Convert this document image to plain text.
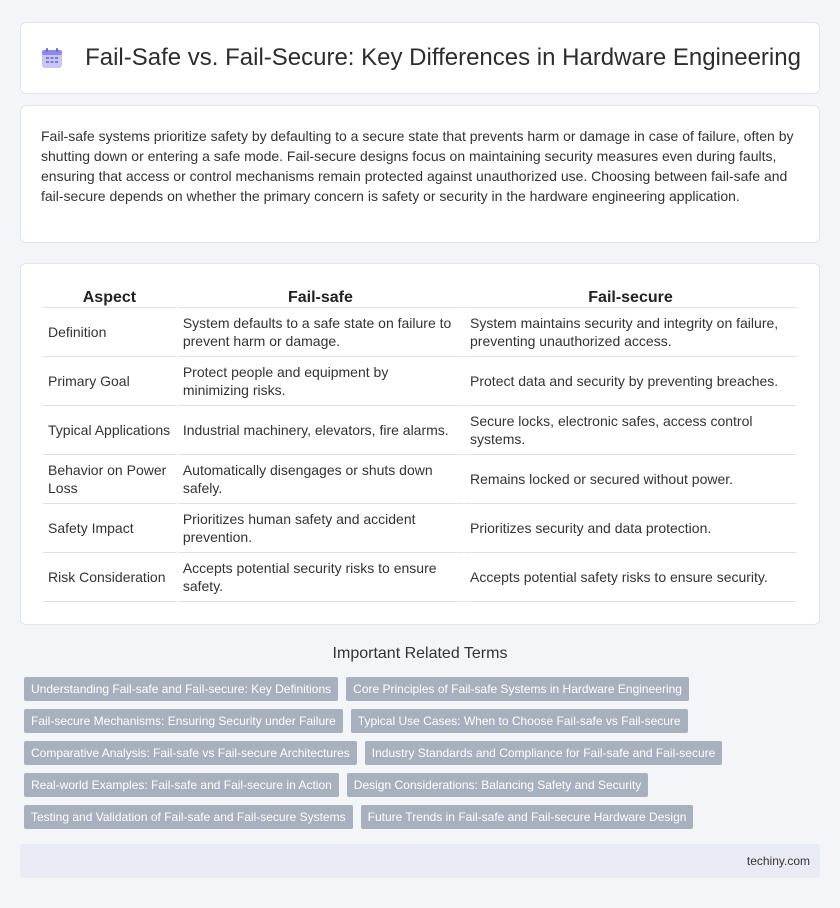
Fail-Safe vs. Fail-Secure: Key Differences in Hardware Engineering

Fail-safe systems prioritize safety by defaulting to a secure state that prevents harm or damage in case of failure, often by shutting down or entering a safe mode. Fail-secure designs focus on maintaining security measures even during faults, ensuring that access or control mechanisms remain protected against unauthorized use. Choosing between fail-safe and fail-secure depends on whether the primary concern is safety or security in the hardware engineering application.

Aspect	Fail-safe	Fail-secure
Definition	System defaults to a safe state on failure to prevent harm or damage.	System maintains security and integrity on failure, preventing unauthorized access.
Primary Goal	Protect people and equipment by minimizing risks.	Protect data and security by preventing breaches.
Typical Applications	Industrial machinery, elevators, fire alarms.	Secure locks, electronic safes, access control systems.
Behavior on Power Loss	Automatically disengages or shuts down safely.	Remains locked or secured without power.
Safety Impact	Prioritizes human safety and accident prevention.	Prioritizes security and data protection.
Risk Consideration	Accepts potential security risks to ensure safety.	Accepts potential safety risks to ensure security.
Important Related Terms
Understanding Fail-safe and Fail-secure: Key Definitions	Core Principles of Fail-safe Systems in Hardware Engineering
Fail-secure Mechanisms: Ensuring Security under Failure	Typical Use Cases: When to Choose Fail-safe vs Fail-secure
Comparative Analysis: Fail-safe vs Fail-secure Architectures	Industry Standards and Compliance for Fail-safe and Fail-secure
Real-world Examples: Fail-safe and Fail-secure in Action	Design Considerations: Balancing Safety and Security
Testing and Validation of Fail-safe and Fail-secure Systems	Future Trends in Fail-safe and Fail-secure Hardware Design
techiny.com
